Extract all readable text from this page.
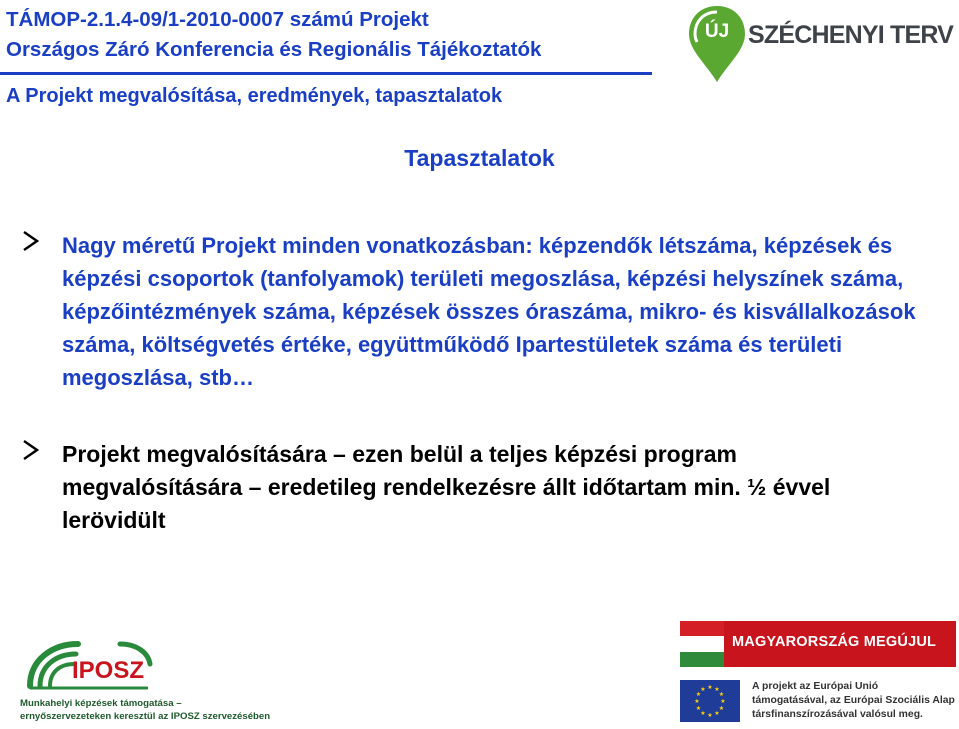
TÁMOP-2.1.4-09/1-2010-0007 számú Projekt
Országos Záró Konferencia és Regionális Tájékoztatók
A Projekt megvalósítása, eredmények, tapasztalatok
ÚJ SZÉCHENYI TERV
Tapasztalatok
Nagy méretű Projekt minden vonatkozásban: képzendők létszáma, képzések és képzési csoportok (tanfolyamok) területi megoszlása, képzési helyszínek száma, képzőintézmények száma, képzések összes óraszáma, mikro- és kisvállalkozások száma, költségvetés értéke, együttműködő Ipartestületek száma és területi megoszlása, stb…
Projekt megvalósítására – ezen belül a teljes képzési program megvalósítására – eredetileg rendelkezésre állt időtartam min. ½ évvel lerövidült
IPOSZ
Munkahelyi képzések támogatása –
ernyőszervezeteken keresztül az IPOSZ szervezésében
MAGYARORSZÁG MEGÚJUL
★ ★
★
★
★
★
★
★
★
★
★
★	A projekt az Európai Unió
támogatásával, az Európai Szociális Alap
társfinanszírozásával valósul meg.
